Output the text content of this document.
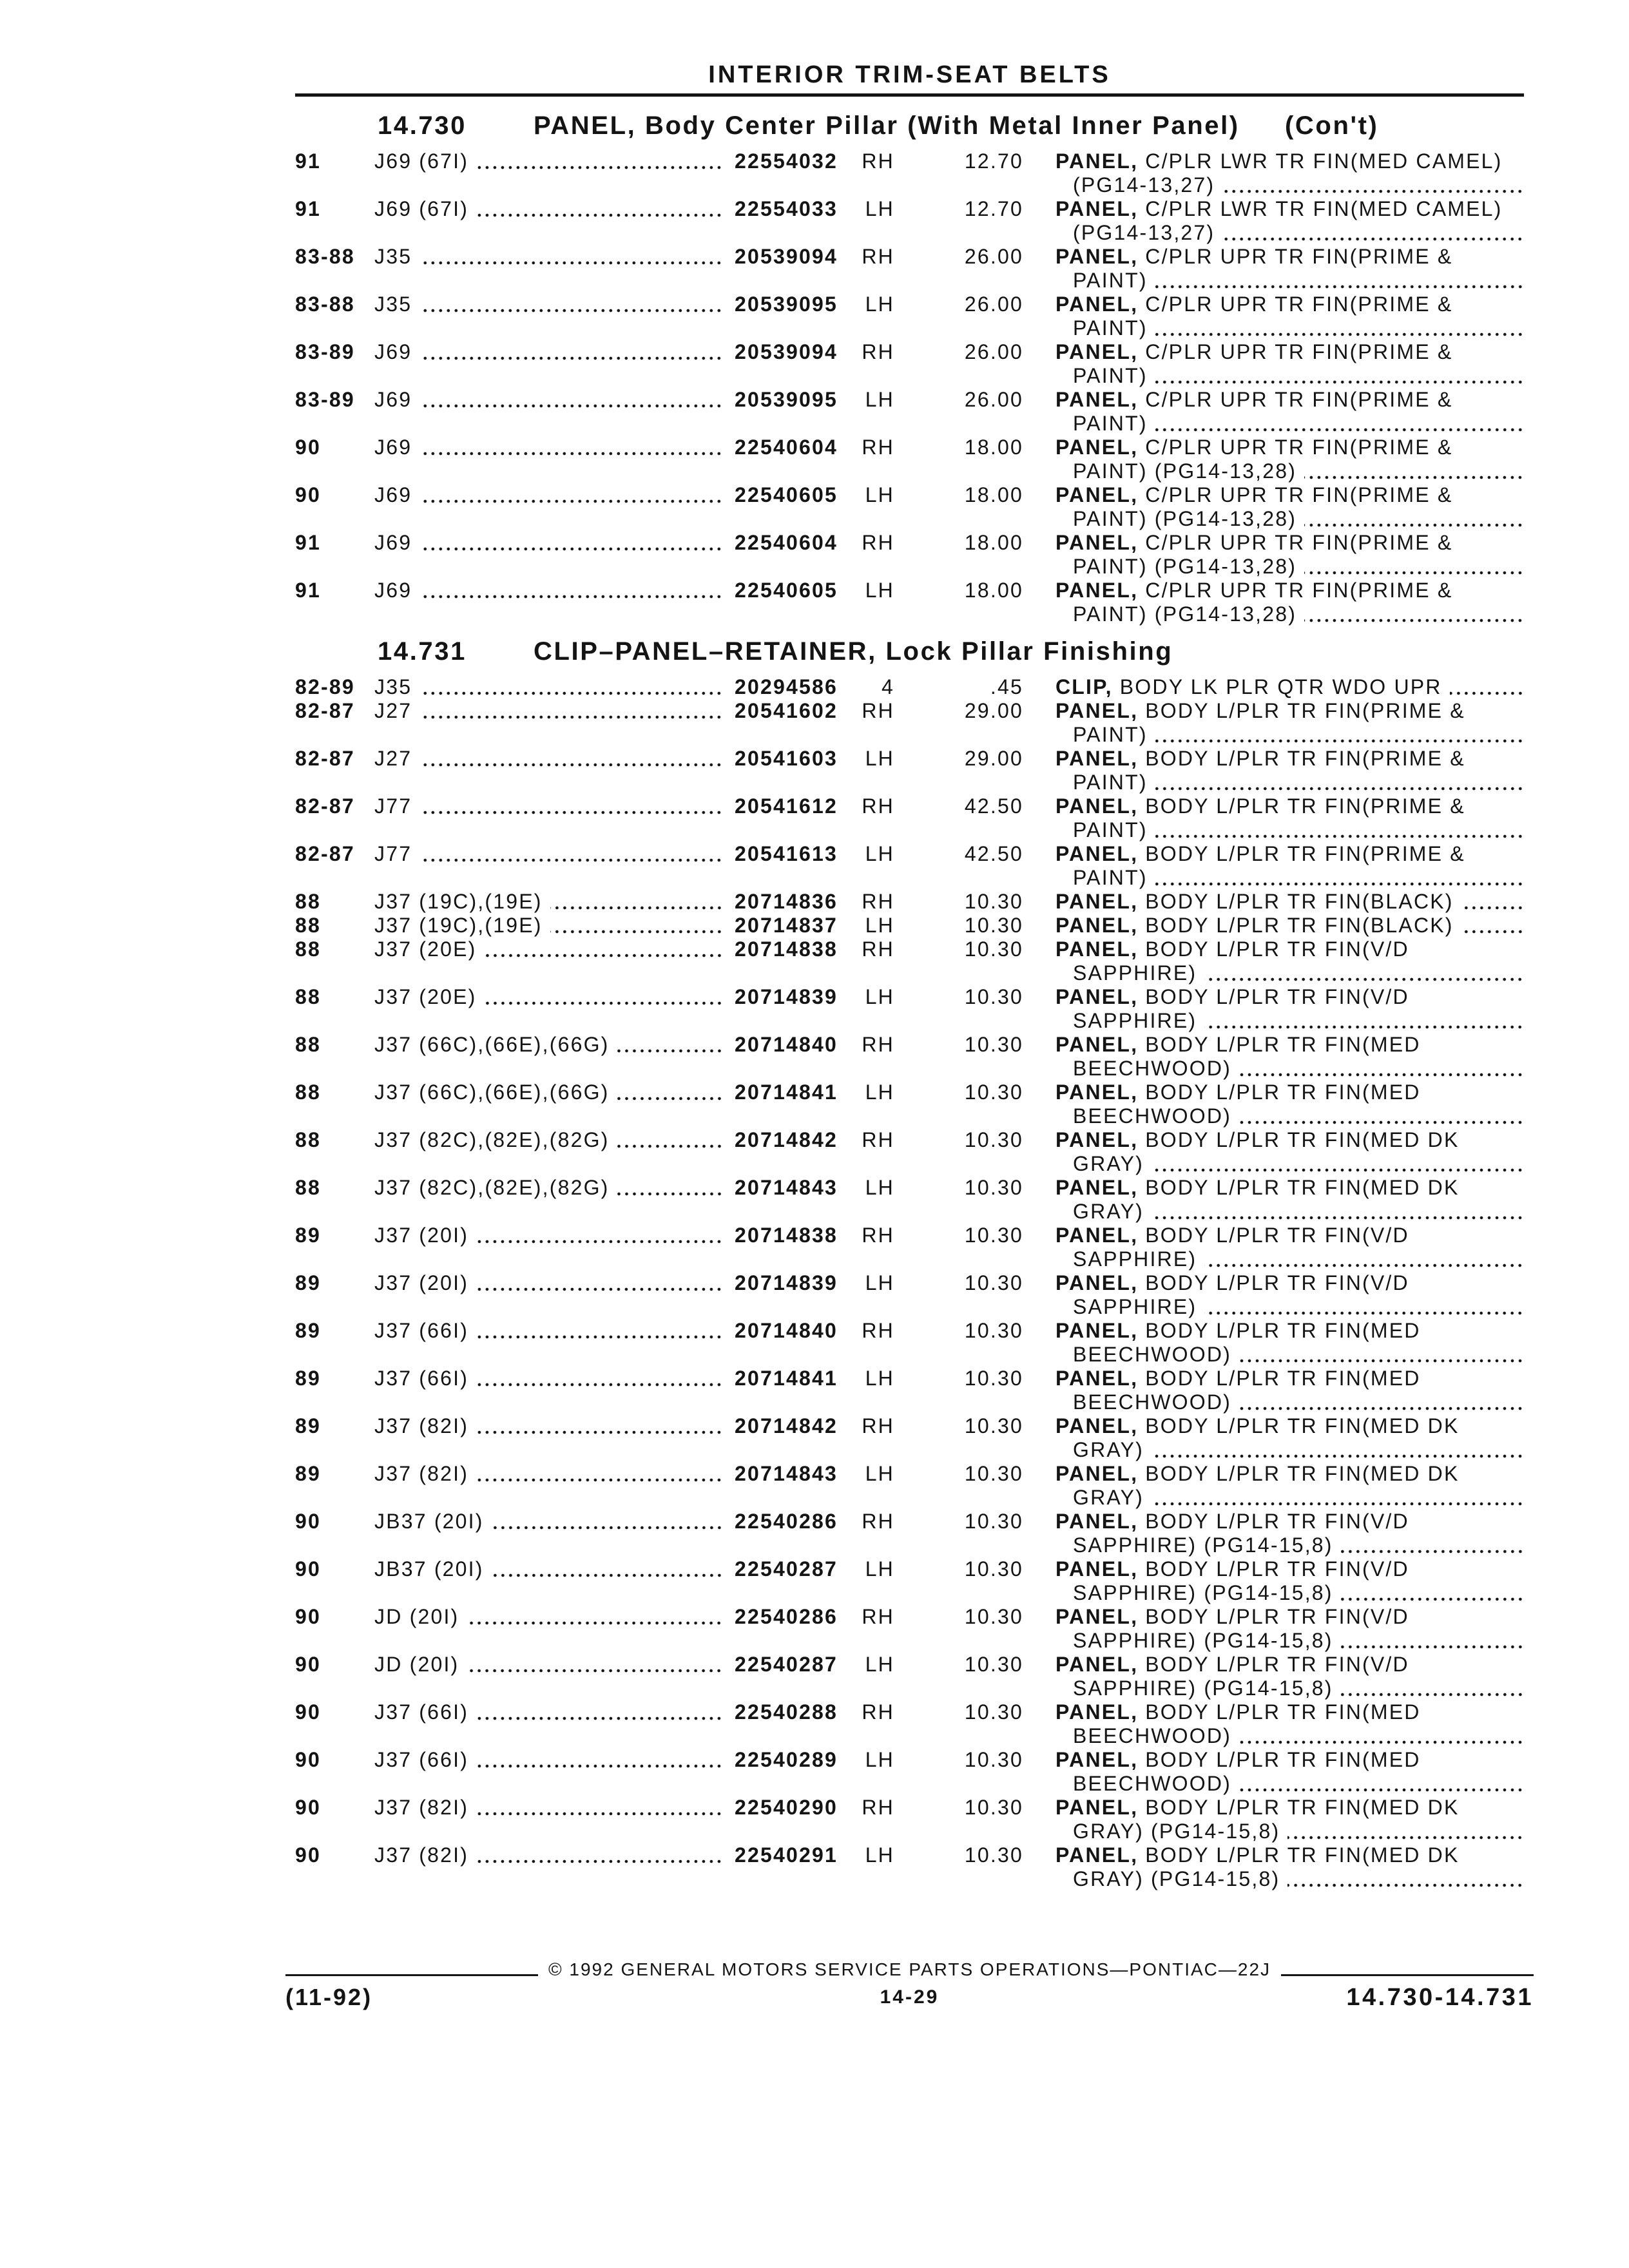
INTERIOR TRIM-SEAT BELTS
14.730	PANEL, Body Center Pillar (With Metal Inner Panel) (Con't)
91	J69 (67I)	22554032	RH	12.70 PANEL, C/PLR LWR TR FIN(MED CAMEL)
(PG14-13,27)
91	J69 (67I)	22554033	LH	12.70 PANEL, C/PLR LWR TR FIN(MED CAMEL)
(PG14-13,27)
83-88 J35	20539094	RH	26.00 PANEL, C/PLR UPR TR FIN(PRIME &
PAINT)
83-88 J35	20539095	LH	26.00 PANEL, C/PLR UPR TR FIN(PRIME &
PAINT)
83-89 J69	20539094	RH	26.00 PANEL, C/PLR UPR TR FIN(PRIME &
PAINT)
83-89 J69	20539095	LH	26.00 PANEL, C/PLR UPR TR FIN(PRIME &
PAINT)
90	J69	22540604	RH	18.00 PANEL, C/PLR UPR TR FIN(PRIME &
PAINT) (PG14-13,28)
90	J69	22540605	LH	18.00 PANEL, C/PLR UPR TR FIN(PRIME &
PAINT) (PG14-13,28)
91	J69	22540604	RH	18.00 PANEL, C/PLR UPR TR FIN(PRIME &
PAINT) (PG14-13,28)
91	J69	22540605	LH	18.00 PANEL, C/PLR UPR TR FIN(PRIME &
PAINT) (PG14-13,28)
14.731	CLIP–PANEL–RETAINER, Lock Pillar Finishing
82-89 J35	20294586	4	.45 CLIP, BODY LK PLR QTR WDO UPR
82-87 J27	20541602	RH	29.00 PANEL, BODY L/PLR TR FIN(PRIME &
PAINT)
82-87 J27	20541603	LH	29.00 PANEL, BODY L/PLR TR FIN(PRIME &
PAINT)
82-87 J77	20541612	RH	42.50 PANEL, BODY L/PLR TR FIN(PRIME &
PAINT)
82-87 J77	20541613	LH	42.50 PANEL, BODY L/PLR TR FIN(PRIME &
PAINT)
88	J37 (19C),(19E)	20714836	RH	10.30 PANEL, BODY L/PLR TR FIN(BLACK)
88	J37 (19C),(19E)	20714837	LH	10.30 PANEL, BODY L/PLR TR FIN(BLACK)
88	J37 (20E)	20714838	RH	10.30 PANEL, BODY L/PLR TR FIN(V/D
SAPPHIRE)
88	J37 (20E)	20714839	LH	10.30 PANEL, BODY L/PLR TR FIN(V/D
SAPPHIRE)
88	J37 (66C),(66E),(66G)	20714840	RH	10.30 PANEL, BODY L/PLR TR FIN(MED
BEECHWOOD)
88	J37 (66C),(66E),(66G)	20714841	LH	10.30 PANEL, BODY L/PLR TR FIN(MED
BEECHWOOD)
88	J37 (82C),(82E),(82G)	20714842	RH	10.30 PANEL, BODY L/PLR TR FIN(MED DK
GRAY)
88	J37 (82C),(82E),(82G)	20714843	LH	10.30 PANEL, BODY L/PLR TR FIN(MED DK
GRAY)
89	J37 (20I)	20714838	RH	10.30 PANEL, BODY L/PLR TR FIN(V/D
SAPPHIRE)
89	J37 (20I)	20714839	LH	10.30 PANEL, BODY L/PLR TR FIN(V/D
SAPPHIRE)
89	J37 (66I)	20714840	RH	10.30 PANEL, BODY L/PLR TR FIN(MED
BEECHWOOD)
89	J37 (66I)	20714841	LH	10.30 PANEL, BODY L/PLR TR FIN(MED
BEECHWOOD)
89	J37 (82I)	20714842	RH	10.30 PANEL, BODY L/PLR TR FIN(MED DK
GRAY)
89	J37 (82I)	20714843	LH	10.30 PANEL, BODY L/PLR TR FIN(MED DK
GRAY)
90	JB37 (20I)	22540286	RH	10.30 PANEL, BODY L/PLR TR FIN(V/D
SAPPHIRE) (PG14-15,8)
90	JB37 (20I)	22540287	LH	10.30 PANEL, BODY L/PLR TR FIN(V/D
SAPPHIRE) (PG14-15,8)
90	JD (20I)	22540286	RH	10.30 PANEL, BODY L/PLR TR FIN(V/D
SAPPHIRE) (PG14-15,8)
90	JD (20I)	22540287	LH	10.30 PANEL, BODY L/PLR TR FIN(V/D
SAPPHIRE) (PG14-15,8)
90	J37 (66I)	22540288	RH	10.30 PANEL, BODY L/PLR TR FIN(MED
BEECHWOOD)
90	J37 (66I)	22540289	LH	10.30 PANEL, BODY L/PLR TR FIN(MED
BEECHWOOD)
90	J37 (82I)	22540290	RH	10.30 PANEL, BODY L/PLR TR FIN(MED DK
GRAY) (PG14-15,8)
90	J37 (82I)	22540291	LH	10.30 PANEL, BODY L/PLR TR FIN(MED DK
GRAY) (PG14-15,8)
© 1992 GENERAL MOTORS SERVICE PARTS OPERATIONS—PONTIAC—22J
(11-92)	14-29	14.730-14.731
